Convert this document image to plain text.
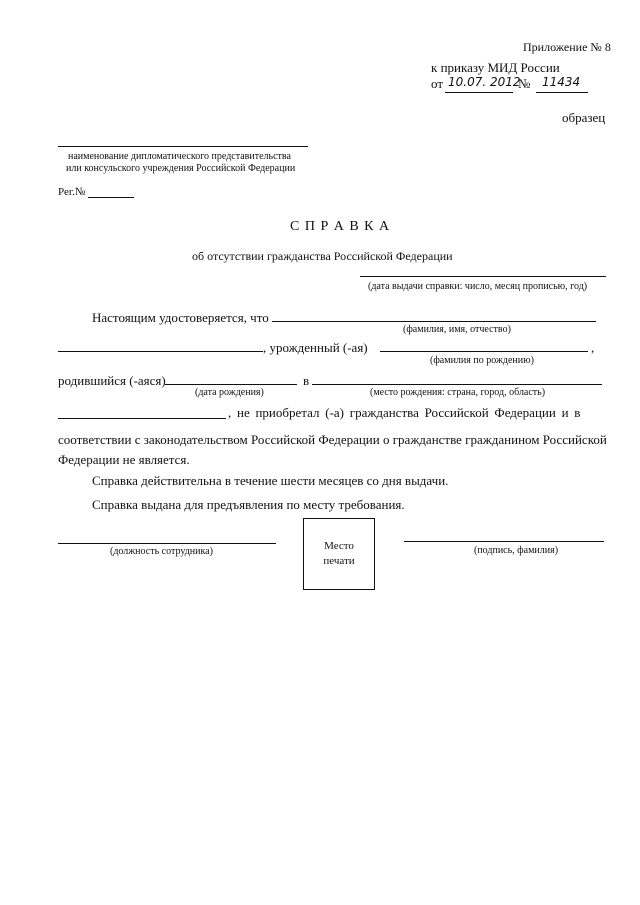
Приложение № 8
к приказу МИД России
от 10.07. 2012
№ 11434
образец
наименование дипломатического представительства
или консульского учреждения Российской Федерации
Рег.№
С П Р А В К А
об отсутствии гражданства Российской Федерации
(дата выдачи справки: число, месяц прописью, год)
Настоящим удостоверяется, что
(фамилия, имя, отчество)
, урожденный (-ая)	,
(фамилия по рождению)
родившийся (-аяся)	в
(дата рождения)	(место рождения: страна, город, область)
, не приобретал (-а) гражданства Российской Федерации и в
соответствии с законодательством Российской Федерации о гражданстве гражданином Российской
Федерации не является.
Справка действительна в течение шести месяцев со дня выдачи.
Справка выдана для предъявления по месту требования.
(должность сотрудника)	Место
печати
(подпись, фамилия)
